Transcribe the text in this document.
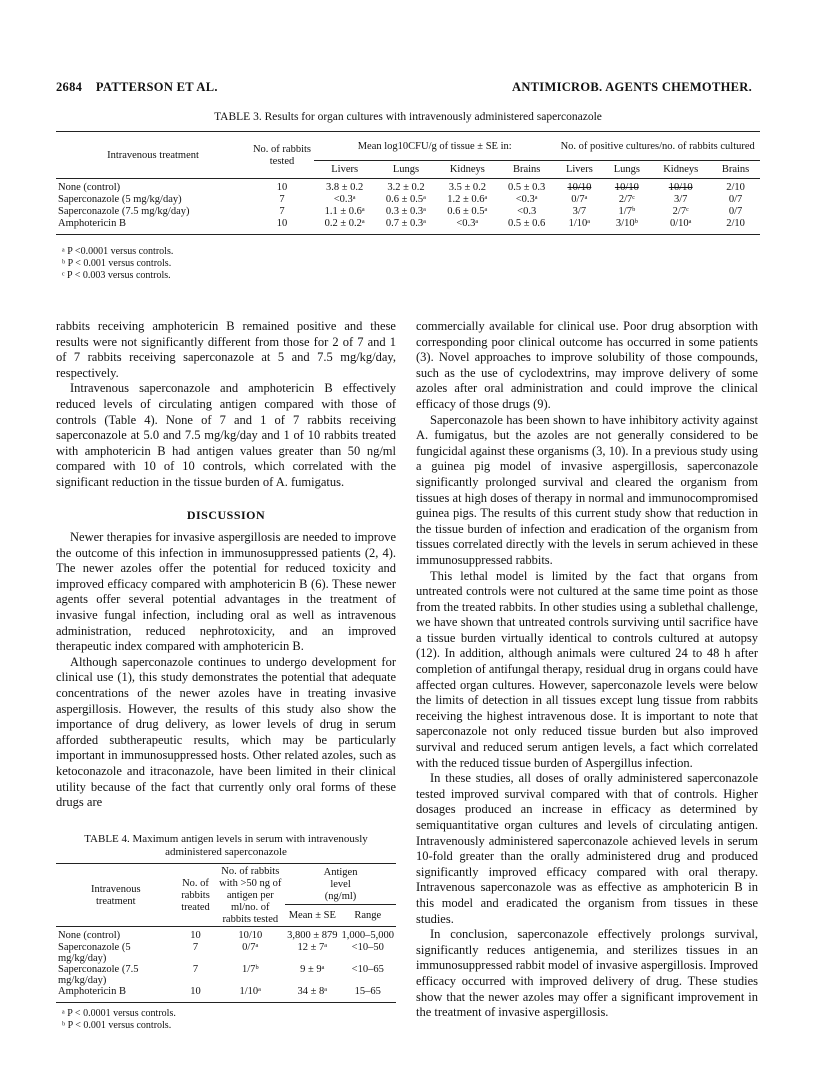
2684 PATTERSON ET AL.	ANTIMICROB. AGENTS CHEMOTHER.
TABLE 3. Results for organ cultures with intravenously administered saperconazole
Intravenous treatment	No. of rabbits tested	Mean log10CFU/g of tissue ± SE in:				No. of positive cultures/no. of rabbits cultured			
		Livers	Lungs	Kidneys	Brains	Livers	Lungs	Kidneys	Brains

None (control)	10	3.8 ± 0.2	3.2 ± 0.2	3.5 ± 0.2	0.5 ± 0.3	10/10	10/10	10/10	2/10
Saperconazole (5 mg/kg/day)	7	<0.3ᵃ	0.6 ± 0.5ᵃ	1.2 ± 0.6ᵃ	<0.3ᵃ	0/7ᵃ	2/7ᶜ	3/7	0/7
Saperconazole (7.5 mg/kg/day)	7	1.1 ± 0.6ᵃ	0.3 ± 0.3ᵃ	0.6 ± 0.5ᵃ	<0.3	3/7	1/7ᵇ	2/7ᶜ	0/7
Amphotericin B	10	0.2 ± 0.2ᵃ	0.7 ± 0.3ᵃ	<0.3ᵃ	0.5 ± 0.6	1/10ᵃ	3/10ᵇ	0/10ᵃ	2/10

ᵃ P <0.0001 versus controls.
ᵇ P < 0.001 versus controls.
ᶜ P < 0.003 versus controls.

rabbits receiving amphotericin B remained positive and these results were not significantly different from those for 2 of 7 and 1 of 7 rabbits receiving saperconazole at 5 and 7.5 mg/kg/day, respectively.

Intravenous saperconazole and amphotericin B effectively reduced levels of circulating antigen compared with those of controls (Table 4). None of 7 and 1 of 7 rabbits receiving saperconazole at 5.0 and 7.5 mg/kg/day and 1 of 10 rabbits treated with amphotericin B had antigen values greater than 50 ng/ml compared with 10 of 10 controls, which correlated with the significant reduction in the tissue burden of A. fumigatus.

DISCUSSION

Newer therapies for invasive aspergillosis are needed to improve the outcome of this infection in immunosuppressed patients (2, 4). The newer azoles offer the potential for reduced toxicity and improved efficacy compared with amphotericin B (6). These newer agents offer several potential advantages in the treatment of invasive fungal infection, including oral as well as intravenous administration, reduced nephrotoxicity, and an improved therapeutic index compared with amphotericin B.

Although saperconazole continues to undergo development for clinical use (1), this study demonstrates the potential that adequate concentrations of the newer azoles have in treating invasive aspergillosis. However, the results of this study also show the importance of drug delivery, as lower levels of drug in serum afforded subtherapeutic results, which may be particularly important in immunosuppressed hosts. Other related azoles, such as ketoconazole and itraconazole, have been limited in their clinical utility because of the fact that currently only oral forms of these drugs are

TABLE 4. Maximum antigen levels in serum with intravenously administered saperconazole
Intravenous treatment	No. of rabbits treated	No. of rabbits with >50 ng of antigen per ml/no. of rabbits tested	Antigen level (ng/ml)	
			Mean ± SE	Range

None (control)	10	10/10	3,800 ± 879	1,000–5,000
Saperconazole (5 mg/kg/day)	7	0/7ᵃ	12 ± 7ᵃ	<10–50
Saperconazole (7.5 mg/kg/day)	7	1/7ᵇ	9 ± 9ᵃ	<10–65
Amphotericin B	10	1/10ᵃ	34 ± 8ᵃ	15–65

ᵃ P < 0.0001 versus controls.
ᵇ P < 0.001 versus controls.

commercially available for clinical use. Poor drug absorption with corresponding poor clinical outcome has occurred in some patients (3). Novel approaches to improve solubility of those compounds, such as the use of cyclodextrins, may improve delivery of some azoles after oral administration and could improve the clinical efficacy of those drugs (9).

Saperconazole has been shown to have inhibitory activity against A. fumigatus, but the azoles are not generally considered to be fungicidal against these organisms (3, 10). In a previous study using a guinea pig model of invasive aspergillosis, saperconazole significantly prolonged survival and cleared the organism from tissues at high doses of therapy in normal and immunocompromised guinea pigs. The results of this current study show that reduction in the tissue burden of infection and eradication of the organism from tissues correlated directly with the levels in serum achieved in these immunosuppressed rabbits.

This lethal model is limited by the fact that organs from untreated controls were not cultured at the same time point as those from the treated rabbits. In other studies using a sublethal challenge, we have shown that untreated controls surviving until sacrifice have a tissue burden virtually identical to controls cultured at autopsy (12). In addition, although animals were cultured 24 to 48 h after completion of antifungal therapy, residual drug in organs could have affected organ cultures. However, saperconazole levels were below the limits of detection in all tissues except lung tissue from rabbits receiving the highest intravenous dose. It is important to note that saperconazole not only reduced tissue burden but also improved survival and reduced serum antigen levels, a fact which correlated with the reduced tissue burden of Aspergillus infection.

In these studies, all doses of orally administered saperconazole tested improved survival compared with that of controls. Higher dosages produced an increase in efficacy as determined by semiquantitative organ cultures and levels of circulating antigen. Intravenously administered saperconazole achieved levels in serum 10-fold greater than the orally administered drug and produced significantly improved efficacy compared with oral therapy. Intravenous saperconazole was as effective as amphotericin B in this model and eradicated the organism from tissues in these studies.

In conclusion, saperconazole effectively prolongs survival, significantly reduces antigenemia, and sterilizes tissues in an immunosuppressed rabbit model of invasive aspergillosis. Improved efficacy occurred with improved delivery of drug. These studies show that the newer azoles may offer a significant improvement in the treatment of invasive aspergillosis.
